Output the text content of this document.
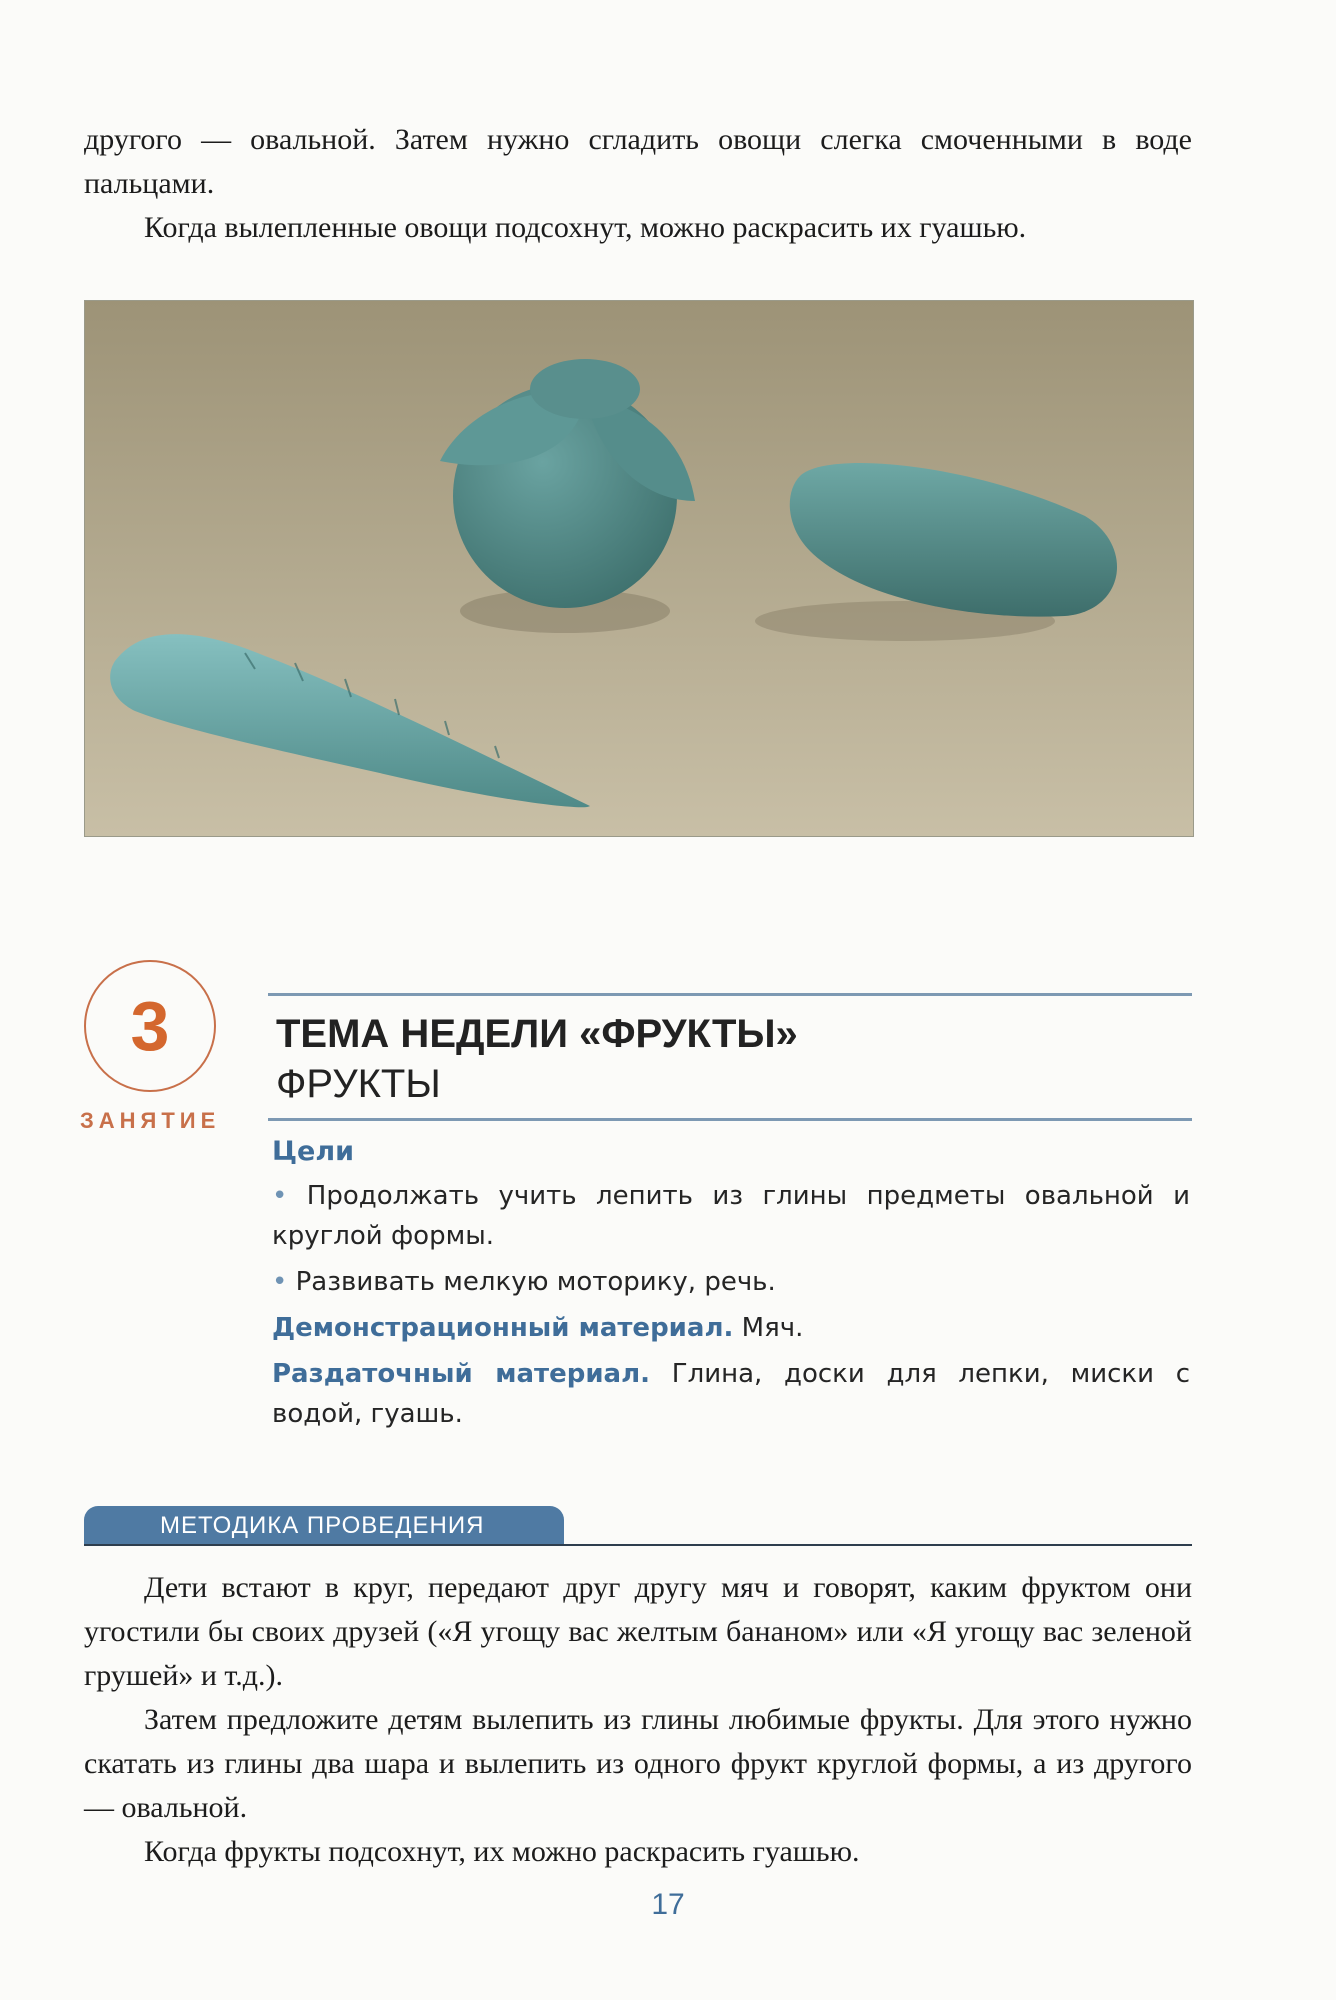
другого — овальной. Затем нужно сгладить овощи слегка смоченными в воде пальцами.

Когда вылепленные овощи подсохнут, можно раскрасить их гуашью.

3
ЗАНЯТИЕ
ТЕМА НЕДЕЛИ «ФРУКТЫ»
ФРУКТЫ

Цели

• Продолжать учить лепить из глины предметы овальной и круглой формы.

• Развивать мелкую моторику, речь.

Демонстрационный материал. Мяч.

Раздаточный материал. Глина, доски для лепки, миски с водой, гуашь.

МЕТОДИКА ПРОВЕДЕНИЯ

Дети встают в круг, передают друг другу мяч и говорят, каким фруктом они угостили бы своих друзей («Я угощу вас желтым бананом» или «Я угощу вас зеленой грушей» и т.д.).

Затем предложите детям вылепить из глины любимые фрукты. Для этого нужно скатать из глины два шара и вылепить из одного фрукт круглой формы, а из другого — овальной.

Когда фрукты подсохнут, их можно раскрасить гуашью.

17
